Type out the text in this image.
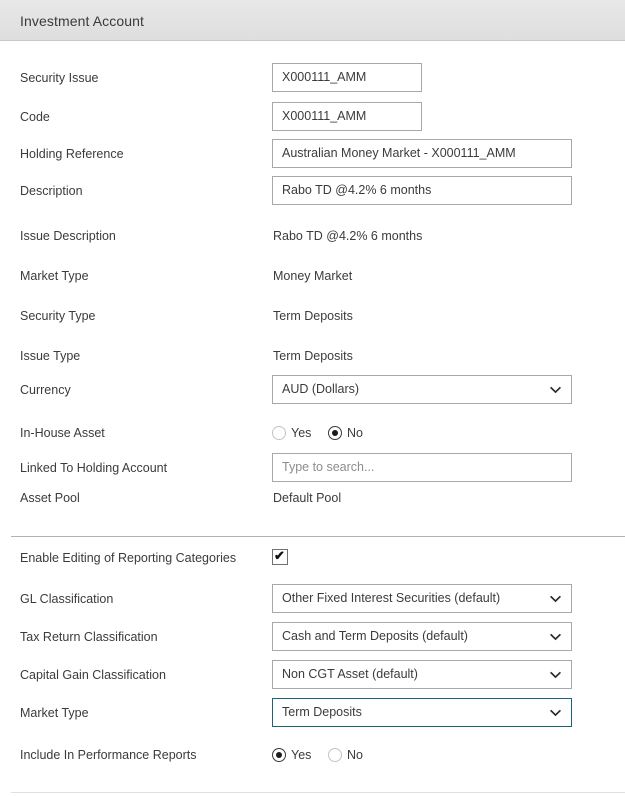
Investment Account
Security Issue	X000111_AMM
Code	X000111_AMM
Holding Reference	Australian Money Market - X000111_AMM
Description	Rabo TD @4.2% 6 months
Issue Description	Rabo TD @4.2% 6 months
Market Type	Money Market
Security Type	Term Deposits
Issue Type	Term Deposits
Currency	AUD (Dollars)
In-House Asset	Yes	No
Linked To Holding Account	Type to search...
Asset Pool	Default Pool
Enable Editing of Reporting Categories	✔
GL Classification	Other Fixed Interest Securities (default)
Tax Return Classification	Cash and Term Deposits (default)
Capital Gain Classification	Non CGT Asset (default)
Market Type	Term Deposits
Include In Performance Reports	Yes	No
